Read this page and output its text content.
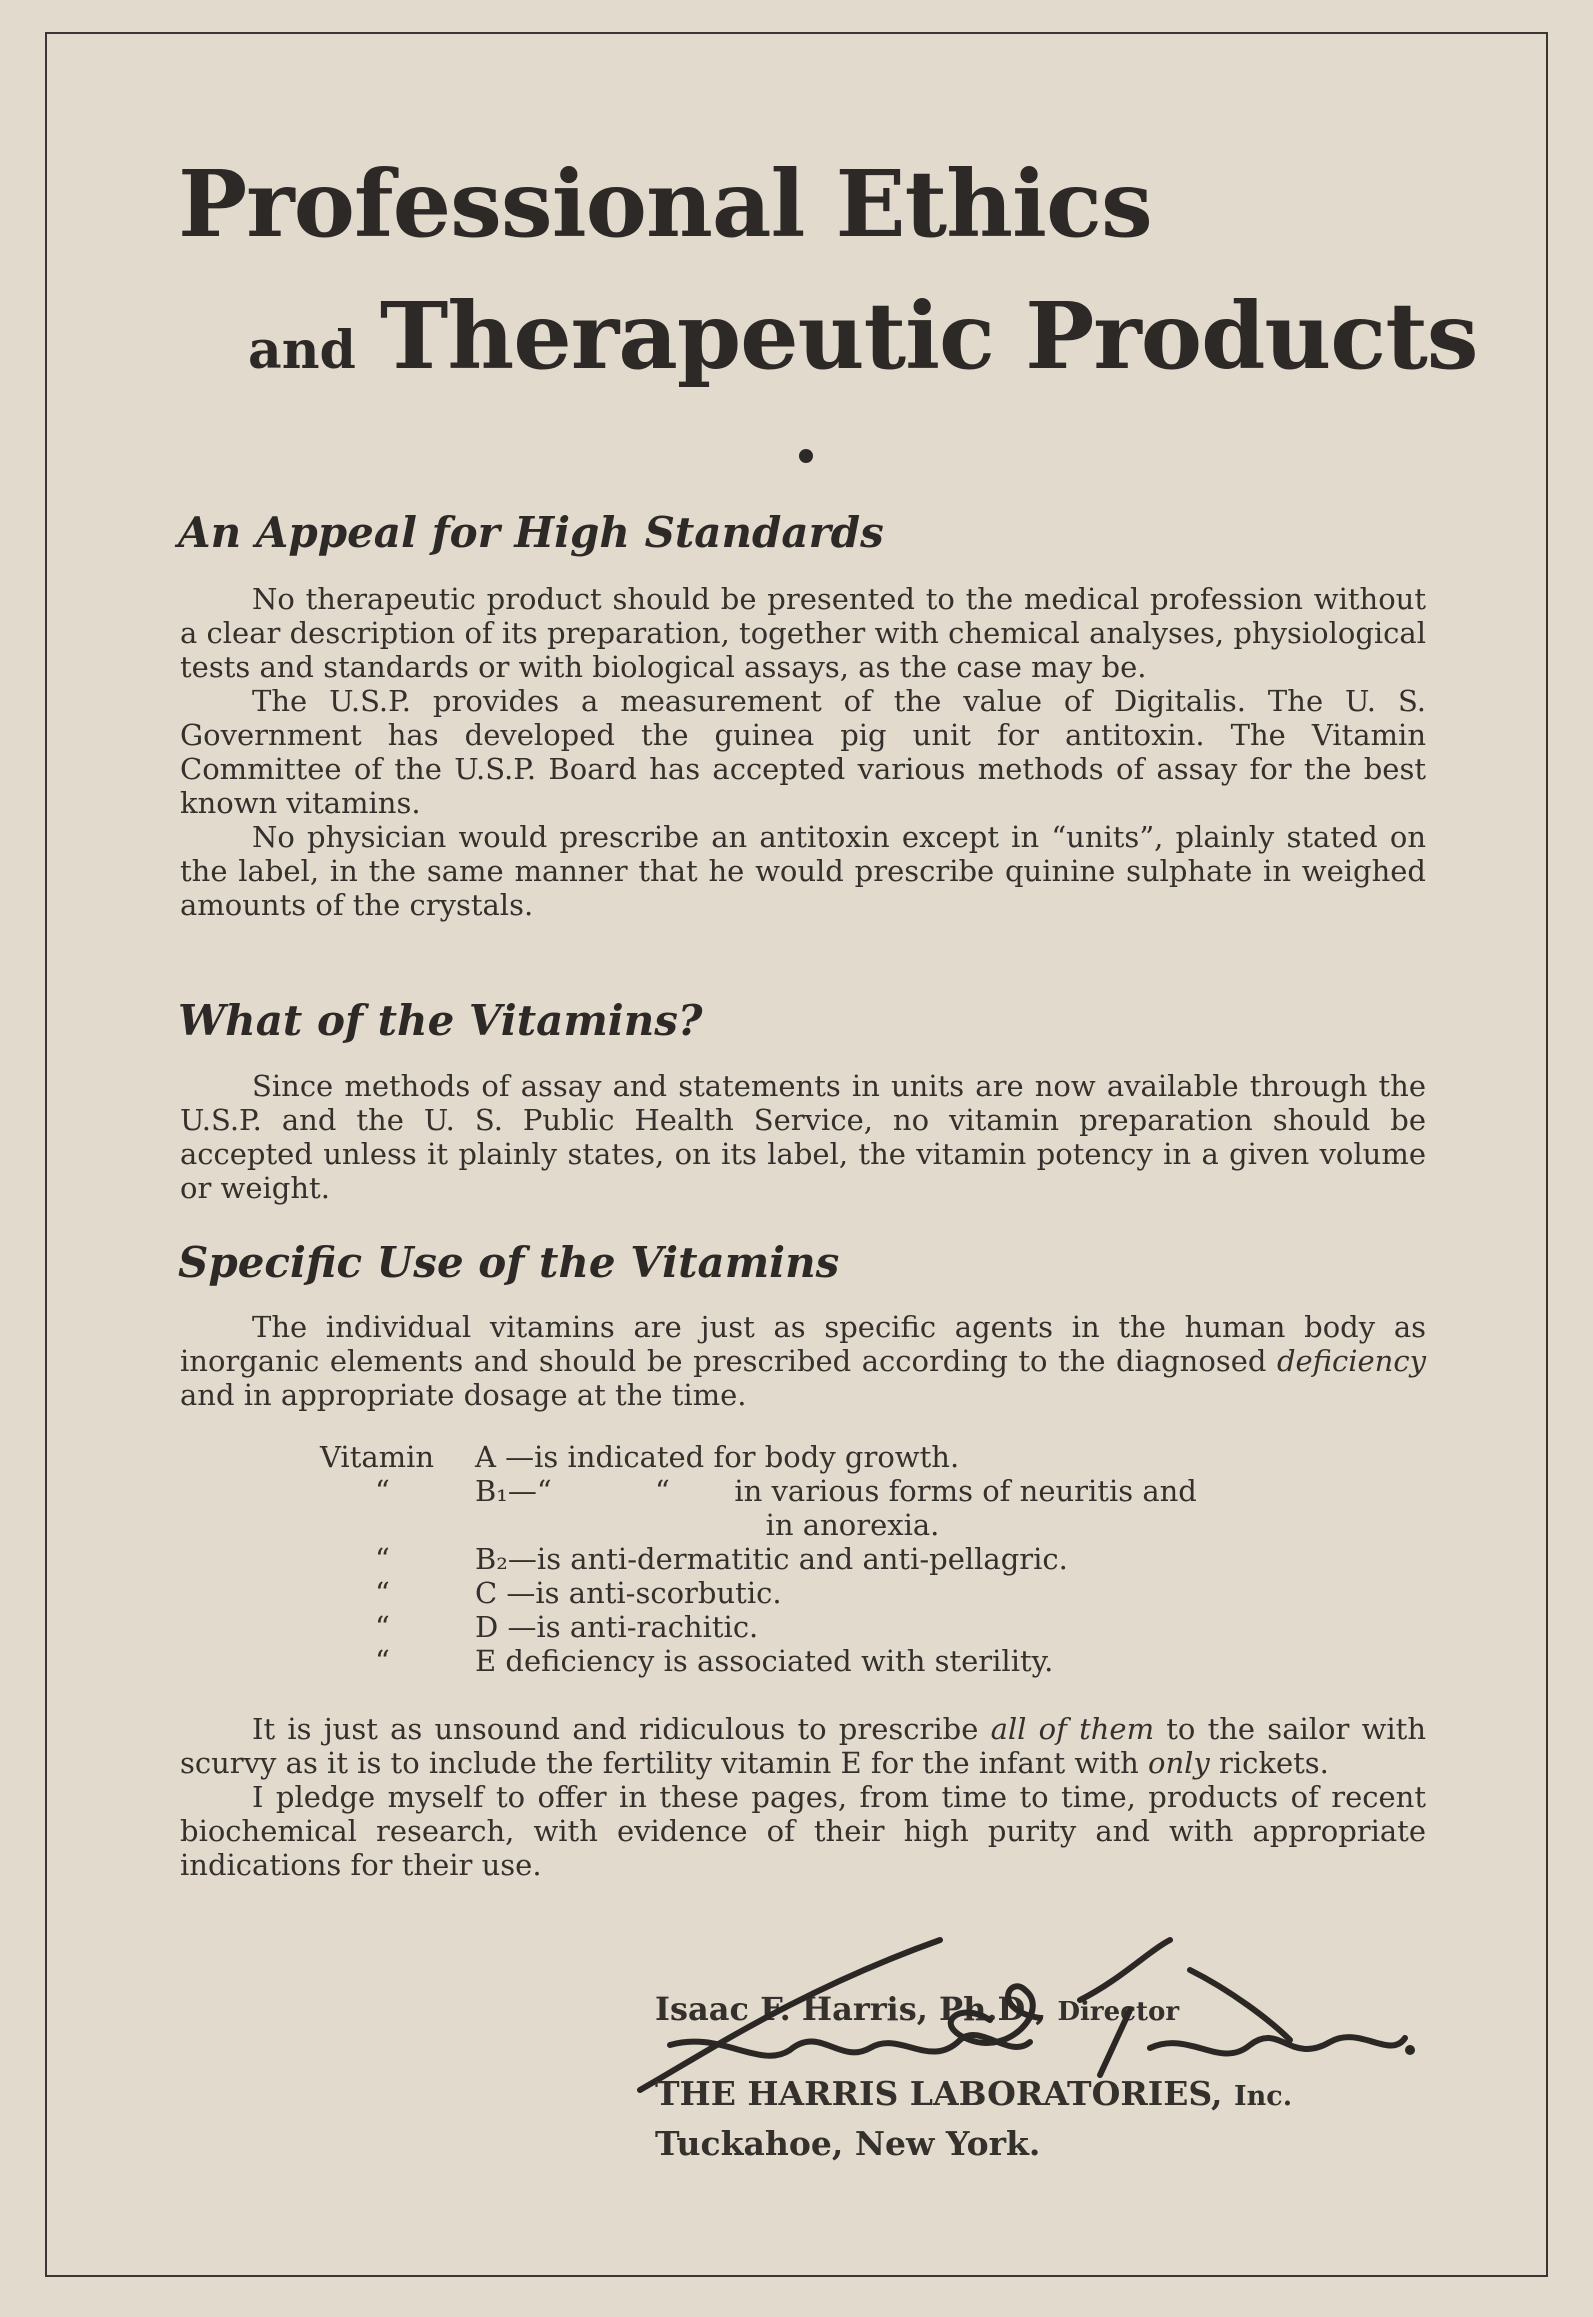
Professional Ethics
and Therapeutic Products
An Appeal for High Standards

No therapeutic product should be presented to the medical profession without a clear description of its preparation, together with chemical analyses, physiological tests and standards or with biological assays, as the case may be.

The U.S.P. provides a measurement of the value of Digitalis. The U. S. Government has developed the guinea pig unit for antitoxin. The Vitamin Committee of the U.S.P. Board has accepted various methods of assay for the best known vitamins.

No physician would prescribe an antitoxin except in “units”, plainly stated on the label, in the same manner that he would prescribe quinine sulphate in weighed amounts of the crystals.

What of the Vitamins?

Since methods of assay and statements in units are now available through the U.S.P. and the U. S. Public Health Service, no vitamin preparation should be accepted unless it plainly states, on its label, the vitamin potency in a given volume or weight.

Specific Use of the Vitamins

The individual vitamins are just as specific agents in the human body as inorganic elements and should be prescribed according to the diagnosed deficiency and in appropriate dosage at the time.

Vitamin A —is indicated for body growth.
“	B₁—“	“       in various forms of neuritis and
in anorexia.
“	B₂—is anti-dermatitic and anti-pellagric.
“	C —is anti-scorbutic.
“	D —is anti-rachitic.
“	E deficiency is associated with sterility.

It is just as unsound and ridiculous to prescribe all of them to the sailor with scurvy as it is to include the fertility vitamin E for the infant with only rickets.

I pledge myself to offer in these pages, from time to time, products of recent biochemical research, with evidence of their high purity and with appropriate indications for their use.

Isaac F. Harris, Ph.D., Director
THE HARRIS LABORATORIES, Inc.
Tuckahoe, New York.
